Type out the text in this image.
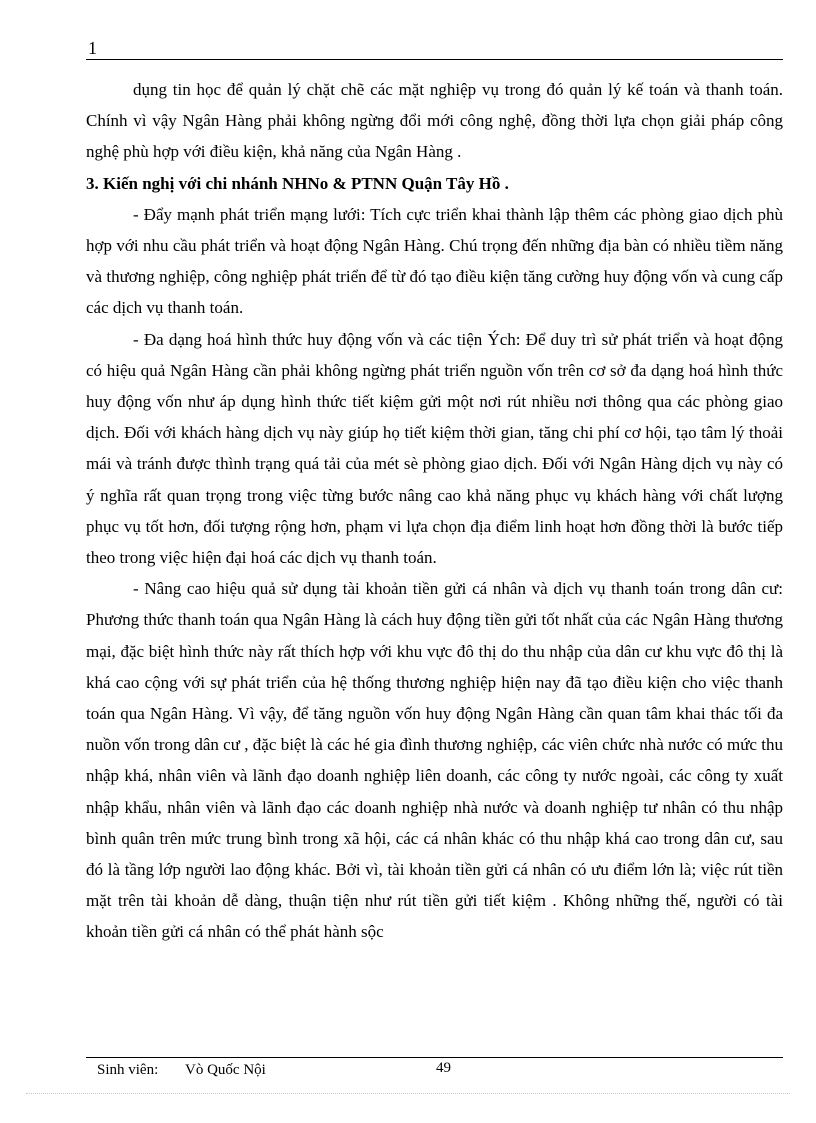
1

dụng tin học để quản lý chặt chẽ các mặt nghiệp vụ trong đó quản lý kế toán và thanh toán. Chính vì vậy Ngân Hàng phải không ngừng đổi mới công nghệ, đồng thời lựa chọn giải pháp công nghệ phù hợp với điều kiện, khả năng của Ngân Hàng .

3. Kiến nghị với chi nhánh NHNo & PTNN Quận Tây Hồ .

- Đẩy mạnh phát triển mạng lưới: Tích cực triển khai thành lập thêm các phòng giao dịch phù hợp với nhu cầu phát triển và hoạt động Ngân Hàng. Chú trọng đến những địa bàn có nhiều tiềm năng và thương nghiệp, công nghiệp phát triển để từ đó tạo điều kiện tăng cường huy động vốn và cung cấp các dịch vụ thanh toán.

- Đa dạng hoá hình thức huy động vốn và các tiện Ých: Để duy trì sử phát triển và hoạt động có hiệu quả Ngân Hàng cần phải không ngừng phát triển nguồn vốn trên cơ sở đa dạng hoá hình thức huy động vốn như áp dụng hình thức tiết kiệm gửi một nơi rút nhiều nơi thông qua các phòng giao dịch. Đối với khách hàng dịch vụ này giúp họ tiết kiệm thời gian, tăng chi phí cơ hội, tạo tâm lý thoải mái và tránh được thình trạng quá tải của mét sè phòng giao dịch. Đối với Ngân Hàng dịch vụ này có ý nghĩa rất quan trọng trong việc từng bước nâng cao khả năng phục vụ khách hàng với chất lượng phục vụ tốt hơn, đối tượng rộng hơn, phạm vi lựa chọn địa điểm linh hoạt hơn đồng thời là bước tiếp theo trong việc hiện đại hoá các dịch vụ thanh toán.

- Nâng cao hiệu quả sử dụng tài khoản tiền gửi cá nhân và dịch vụ thanh toán trong dân cư: Phương thức thanh toán qua Ngân Hàng là cách huy động tiền gửi tốt nhất của các Ngân Hàng thương mại, đặc biệt hình thức này rất thích hợp với khu vực đô thị do thu nhập của dân cư khu vực đô thị là khá cao cộng với sự phát triển của hệ thống thương nghiệp hiện nay đã tạo điều kiện cho việc thanh toán qua Ngân Hàng. Vì vậy, để tăng nguồn vốn huy động Ngân Hàng cần quan tâm khai thác tối đa nuồn vốn trong dân cư , đặc biệt là các hé gia đình thương nghiệp, các viên chức nhà nước có mức thu nhập khá, nhân viên và lãnh đạo doanh nghiệp liên doanh, các công ty nước ngoài, các công ty xuất nhập khẩu, nhân viên và lãnh đạo các doanh nghiệp nhà nước và doanh nghiệp tư nhân có thu nhập bình quân trên mức trung bình trong xã hội, các cá nhân khác có thu nhập khá cao trong dân cư, sau đó là tầng lớp người lao động khác. Bởi vì, tài khoản tiền gửi cá nhân có ưu điểm lớn là; việc rút tiền mặt trên tài khoản dễ dàng, thuận tiện như rút tiền gửi tiết kiệm . Không những thế, người có tài khoản tiền gửi cá nhân có thể phát hành sộc

Sinh viên: Vò Quốc Nội	49
